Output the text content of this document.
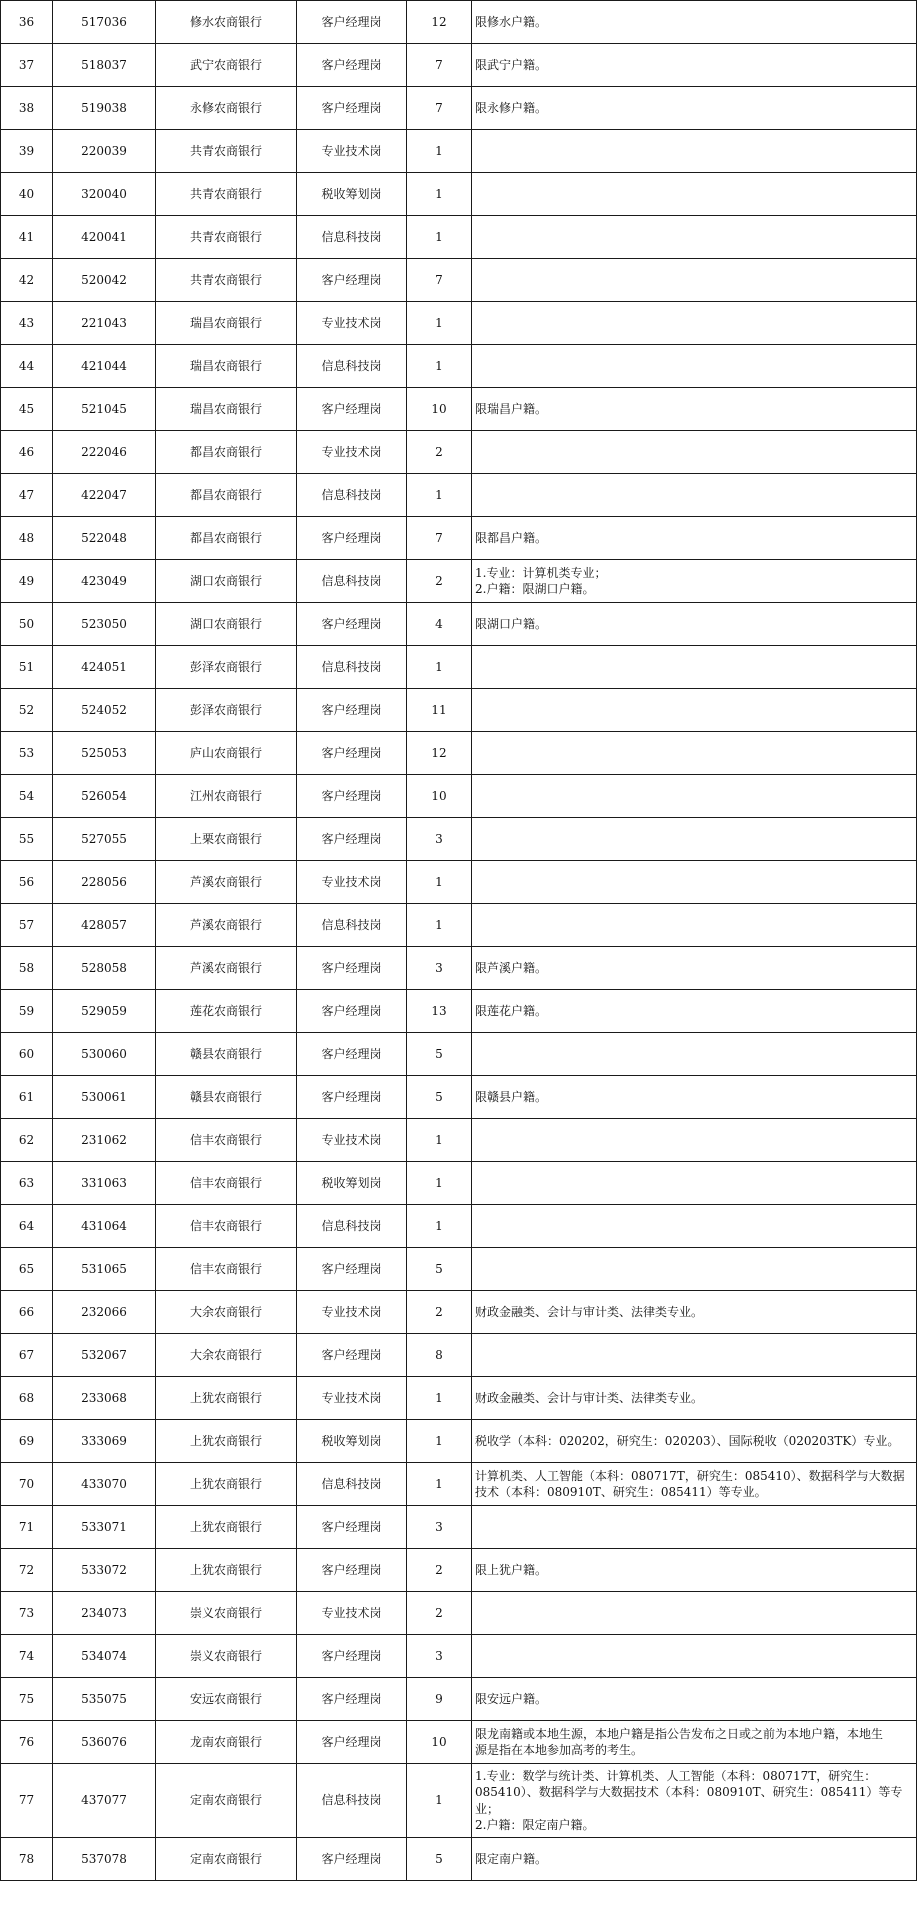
36	517036	修水农商银行	客户经理岗	12	限修水户籍。

37	518037	武宁农商银行	客户经理岗	7	限武宁户籍。

38	519038	永修农商银行	客户经理岗	7	限永修户籍。

39	220039	共青农商银行	专业技术岗	1	
40	320040	共青农商银行	税收筹划岗	1	
41	420041	共青农商银行	信息科技岗	1	
42	520042	共青农商银行	客户经理岗	7	
43	221043	瑞昌农商银行	专业技术岗	1	
44	421044	瑞昌农商银行	信息科技岗	1	
45	521045	瑞昌农商银行	客户经理岗	10	限瑞昌户籍。

46	222046	都昌农商银行	专业技术岗	2	
47	422047	都昌农商银行	信息科技岗	1	
48	522048	都昌农商银行	客户经理岗	7	限都昌户籍。

49	423049	湖口农商银行	信息科技岗	2	1.专业：计算机类专业；
2.户籍：限湖口户籍。

50	523050	湖口农商银行	客户经理岗	4	限湖口户籍。

51	424051	彭泽农商银行	信息科技岗	1	
52	524052	彭泽农商银行	客户经理岗	11	
53	525053	庐山农商银行	客户经理岗	12	
54	526054	江州农商银行	客户经理岗	10	
55	527055	上栗农商银行	客户经理岗	3	
56	228056	芦溪农商银行	专业技术岗	1	
57	428057	芦溪农商银行	信息科技岗	1	
58	528058	芦溪农商银行	客户经理岗	3	限芦溪户籍。

59	529059	莲花农商银行	客户经理岗	13	限莲花户籍。

60	530060	赣县农商银行	客户经理岗	5	
61	530061	赣县农商银行	客户经理岗	5	限赣县户籍。

62	231062	信丰农商银行	专业技术岗	1	
63	331063	信丰农商银行	税收筹划岗	1	
64	431064	信丰农商银行	信息科技岗	1	
65	531065	信丰农商银行	客户经理岗	5	
66	232066	大余农商银行	专业技术岗	2	财政金融类、会计与审计类、法律类专业。

67	532067	大余农商银行	客户经理岗	8	
68	233068	上犹农商银行	专业技术岗	1	财政金融类、会计与审计类、法律类专业。

69	333069	上犹农商银行	税收筹划岗	1	税收学（本科：020202，研究生：020203）、国际税收（020203TK）专业。

70	433070	上犹农商银行	信息科技岗	1	计算机类、人工智能（本科：080717T，研究生：085410）、数据科学与大数据
技术（本科：080910T、研究生：085411）等专业。

71	533071	上犹农商银行	客户经理岗	3	
72	533072	上犹农商银行	客户经理岗	2	限上犹户籍。

73	234073	崇义农商银行	专业技术岗	2	
74	534074	崇义农商银行	客户经理岗	3	
75	535075	安远农商银行	客户经理岗	9	限安远户籍。

76	536076	龙南农商银行	客户经理岗	10	限龙南籍或本地生源，本地户籍是指公告发布之日或之前为本地户籍，本地生
源是指在本地参加高考的考生。

77	437077	定南农商银行	信息科技岗	1	1.专业：数学与统计类、计算机类、人工智能（本科：080717T，研究生：
085410）、数据科学与大数据技术（本科：080910T、研究生：085411）等专
业；
2.户籍：限定南户籍。

78	537078	定南农商银行	客户经理岗	5	限定南户籍。
